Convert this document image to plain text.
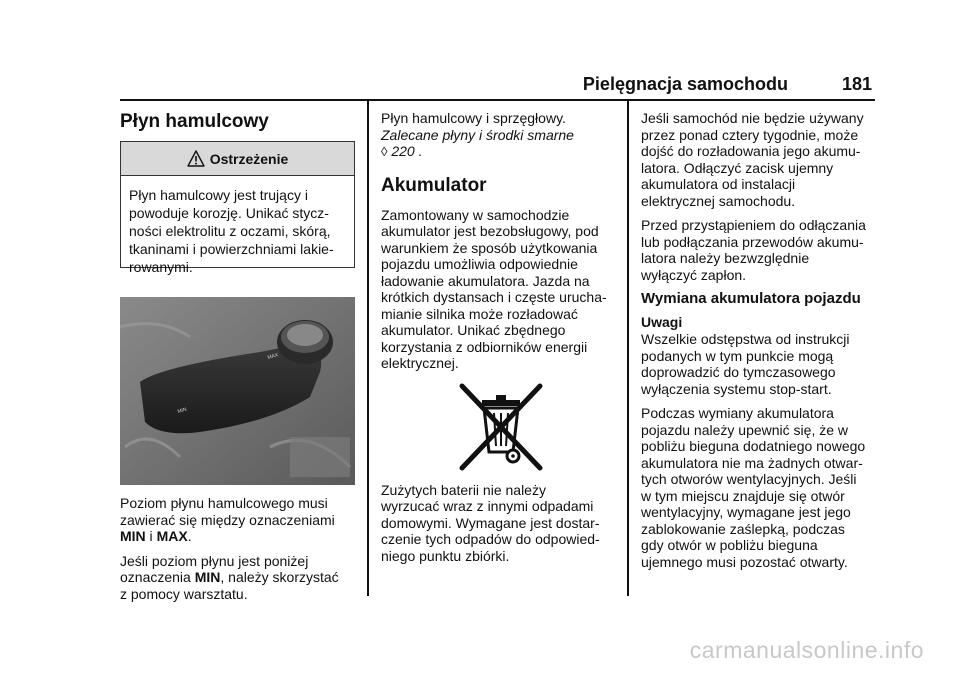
Pielęgnacja samochodu	181
Płyn hamulcowy
Ostrzeżenie
Płyn hamulcowy jest trujący i
powoduje korozję. Unikać stycz-
ności elektrolitu z oczami, skórą,
tkaninami i powierzchniami lakie-
rowanymi.
MAX
MIN

Poziom płynu hamulcowego musi
zawierać się między oznaczeniami
MIN i MAX.

Jeśli poziom płynu jest poniżej
oznaczenia MIN, należy skorzystać
z pomocy warsztatu.

Płyn hamulcowy i sprzęgłowy.
Zalecane płyny i środki smarne
◊ 220 .

Akumulator

Zamontowany w samochodzie
akumulator jest bezobsługowy, pod
warunkiem że sposób użytkowania
pojazdu umożliwia odpowiednie
ładowanie akumulatora. Jazda na
krótkich dystansach i częste urucha-
mianie silnika może rozładować
akumulator. Unikać zbędnego
korzystania z odbiorników energii
elektrycznej.

Zużytych baterii nie należy
wyrzucać wraz z innymi odpadami
domowymi. Wymagane jest dostar-
czenie tych odpadów do odpowied-
niego punktu zbiórki.

Jeśli samochód nie będzie używany
przez ponad cztery tygodnie, może
dojść do rozładowania jego akumu-
latora. Odłączyć zacisk ujemny
akumulatora od instalacji
elektrycznej samochodu.

Przed przystąpieniem do odłączania
lub podłączania przewodów akumu-
latora należy bezwzględnie
wyłączyć zapłon.

Wymiana akumulatora pojazdu
Uwagi

Wszelkie odstępstwa od instrukcji
podanych w tym punkcie mogą
doprowadzić do tymczasowego
wyłączenia systemu stop-start.

Podczas wymiany akumulatora
pojazdu należy upewnić się, że w
pobliżu bieguna dodatniego nowego
akumulatora nie ma żadnych otwar-
tych otworów wentylacyjnych. Jeśli
w tym miejscu znajduje się otwór
wentylacyjny, wymagane jest jego
zablokowanie zaślepką, podczas
gdy otwór w pobliżu bieguna
ujemnego musi pozostać otwarty.

carmanualsonline.info
